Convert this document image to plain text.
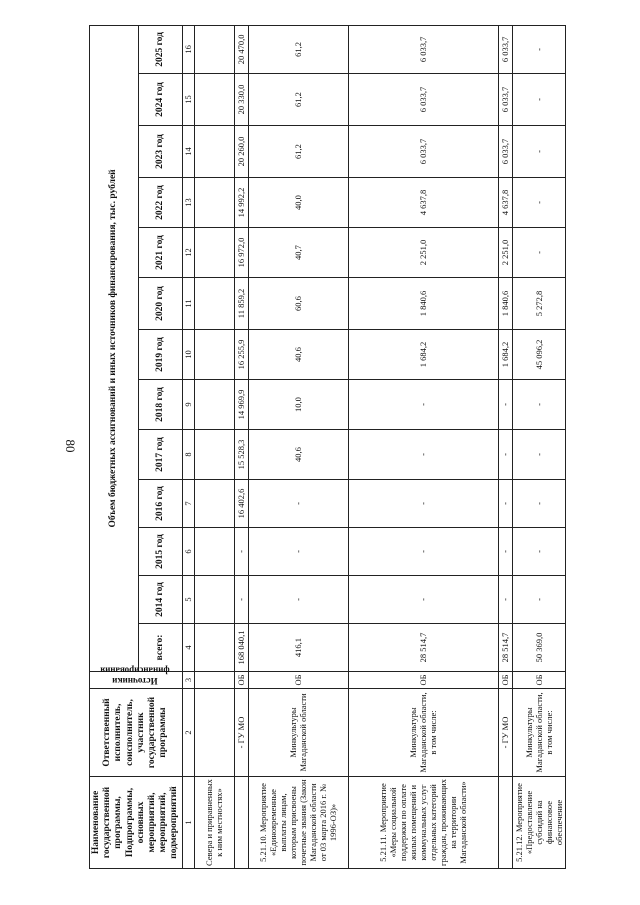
80
Наименование государственной программы, Подпрограммы, основных мероприятий, мероприятий, подмероприятий	Ответственный исполнитель, соисполнитель, участник государственной программы	Источники финансирования	Объем бюджетных ассигнований и иных источников финансирования, тыс. рублей												
			всего:	2014 год	2015 год	2016 год	2017 год	2018 год	2019 год	2020 год	2021 год	2022 год	2023 год	2024 год	2025 год
1	2	3	4	5	6	7	8	9	10	11	12	13	14	15	16
Севера и приравненных к ним местностях»															
	- ГУ МО	ОБ	168 040,1	-	-	16 402,6	15 528,3	14 969,9	16 255,9	11 859,2	16 972,0	14 992,2	20 260,0	20 330,0	20 470,0
5.21.10. Мероприятие «Единовременные выплаты лицам, которым присвоены почетные звания (Закон Магаданской области от 03 марта 2016 г. № 1996-ОЗ)»	Минкультуры Магаданской области	ОБ	416,1	-	-	-	40,6	10,0	40,6	60,6	40,7	40,0	61,2	61,2	61,2
5.21.11. Мероприятие «Меры социальной поддержки по оплате жилых помещений и коммунальных услуг отдельных категорий граждан, проживающих на территории Магаданской области»	Минкультуры Магаданской области, в том числе:	ОБ	28 514,7	-	-	-	-	-	1 684,2	1 840,6	2 251,0	4 637,8	6 033,7	6 033,7	6 033,7
	- ГУ МО	ОБ	28 514,7	-	-	-	-	-	1 684,2	1 840,6	2 251,0	4 637,8	6 033,7	6 033,7	6 033,7
5.21.12. Мероприятие «Предоставление субсидий на финансовое обеспечение	Минкультуры Магаданской области, в том числе:	ОБ	50 369,0	-	-	-	-	-	45 096,2	5 272,8	-	-	-	-	-
